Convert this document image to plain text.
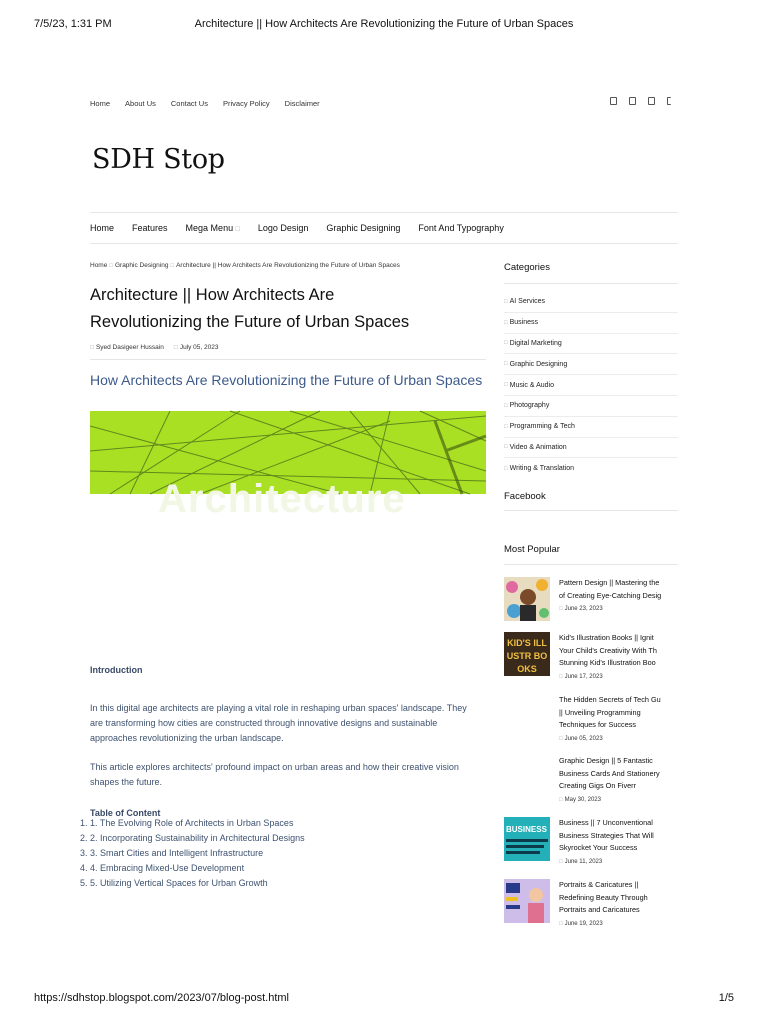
7/5/23, 1:31 PM	Architecture || How Architects Are Revolutionizing the Future of Urban Spaces
Home About Us Contact Us Privacy Policy Disclaimer
SDH Stop
Home Features Mega Menu □ Logo Design Graphic Designing Font And Typography
Home □ Graphic Designing □ Architecture || How Architects Are Revolutionizing the Future of Urban Spaces
Architecture || How Architects Are
Revolutionizing the Future of Urban Spaces
□ Syed Dasigeer Hussain □ July 05, 2023
How Architects Are Revolutionizing the Future of Urban Spaces
Architecture
Introduction

In this digital age architects are playing a vital role in reshaping urban spaces' landscape. They are transforming how cities are constructed through innovative designs and sustainable approaches revolutionizing the urban landscape.

This article explores architects' profound impact on urban areas and how their creative vision shapes the future.

Table of Content
1. 1. The Evolving Role of Architects in Urban Spaces
2. 2. Incorporating Sustainability in Architectural Designs
3. 3. Smart Cities and Intelligent Infrastructure
4. 4. Embracing Mixed-Use Development
5. 5. Utilizing Vertical Spaces for Urban Growth
Categories
□ AI Services
□ Business
□ Digital Marketing
□ Graphic Designing
□ Music & Audio
□ Photography
□ Programming & Tech
□ Video & Animation
□ Writing & Translation
Facebook
Most Popular
Pattern Design || Mastering the
of Creating Eye-Catching Desig
□ June 23, 2023
KID'S ILLUSTR BOOKS
Kid's Illustration Books || Ignit
Your Child's Creativity With Th
Stunning Kid's Illustration Boo
□ June 17, 2023
The Hidden Secrets of Tech Gu
|| Unveiling Programming
Techniques for Success
□ June 05, 2023
Graphic Design || 5 Fantastic
Business Cards And Stationery
Creating Gigs On Fiverr
□ May 30, 2023
BUSINESS
Business || 7 Unconventional
Business Strategies That Will
Skyrocket Your Success
□ June 11, 2023
Portraits & Caricatures ||
Redefining Beauty Through
Portraits and Caricatures
□ June 19, 2023
https://sdhstop.blogspot.com/2023/07/blog-post.html	1/5
